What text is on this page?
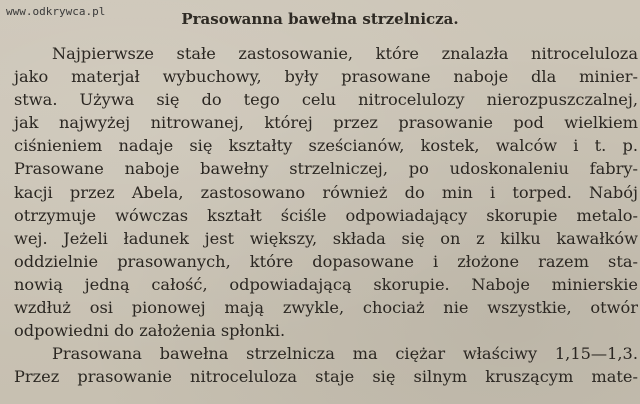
www.odkrywca.pl	Prasowanna bawełna strzelnicza.
Najpierwsze stałe zastosowanie, które znalazła nitroceluloza
jako materjał wybuchowy, były prasowane naboje dla minier-
stwa. Używa się do tego celu nitrocelulozy nierozpuszczalnej,
jak najwyżej nitrowanej, której przez prasowanie pod wielkiem
ciśnieniem nadaje się kształty sześcianów, kostek, walców i t. p.
Prasowane naboje bawełny strzelniczej, po udoskonaleniu fabry-
kacji przez Abela, zastosowano również do min i torped. Nabój
otrzymuje wówczas kształt ściśle odpowiadający skorupie metalo-
wej. Jeżeli ładunek jest większy, składa się on z kilku kawałków
oddzielnie prasowanych, które dopasowane i złożone razem sta-
nowią jedną całość, odpowiadającą skorupie. Naboje minierskie
wzdłuż osi pionowej mają zwykle, chociaż nie wszystkie, otwór
odpowiedni do założenia spłonki.
Prasowana bawełna strzelnicza ma ciężar właściwy 1,15—1,3.
Przez prasowanie nitroceluloza staje się silnym kruszącym mate-
